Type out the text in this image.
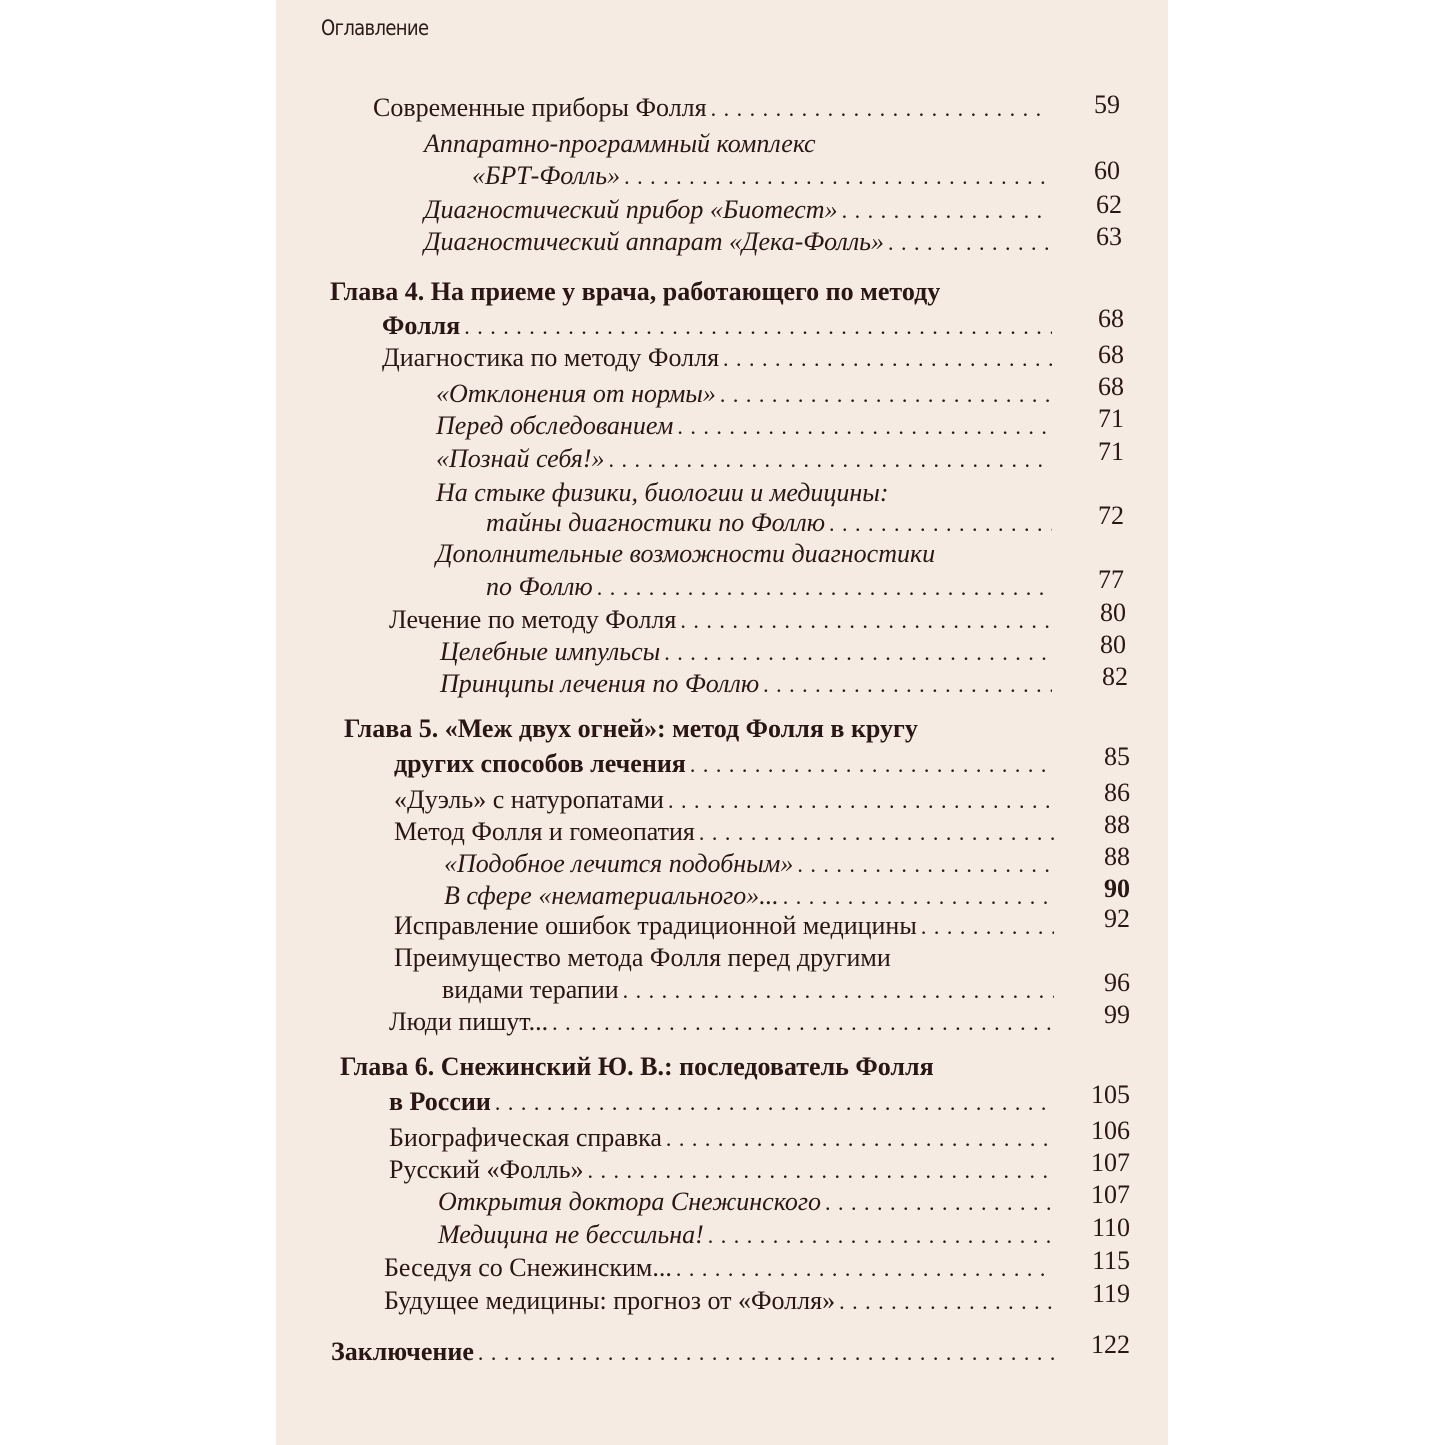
Оглавление
Современные приборы Фолля . . .	59
Аппаратно-программный комплекс
«БРТ-Фолль» . . .	60
Диагностический прибор «Биотест» . . .	62
Диагностический аппарат «Дека-Фолль» . . .	63
Глава 4. На приеме у врача, работающего по методу
Фолля . . .	68
Диагностика по методу Фолля . . .	68
«Отклонения от нормы» . . .	68
Перед обследованием . . .	71
«Познай себя!» . . .	71
На стыке физики, биологии и медицины:
тайны диагностики по Фоллю . . .	72
Дополнительные возможности диагностики
по Фоллю . . .	77
Лечение по методу Фолля . . .	80
Целебные импульсы . . .	80
Принципы лечения по Фоллю . . .	82
Глава 5. «Меж двух огней»: метод Фолля в кругу
других способов лечения . . .	85
«Дуэль» с натуропатами . . .	86
Метод Фолля и гомеопатия . . .	88
«Подобное лечится подобным» . . .	88
В сфере «нематериального»... . . .	90
Исправление ошибок традиционной медицины . . .	92
Преимущество метода Фолля перед другими
видами терапии . . .	96
Люди пишут... . . .	99
Глава 6. Снежинский Ю. В.: последователь Фолля
в России . . .	105
Биографическая справка . . .	106
Русский «Фолль» . . .	107
Открытия доктора Снежинского . . .	107
Медицина не бессильна! . . .	110
Беседуя со Снежинским... . . .	115
Будущее медицины: прогноз от «Фолля» . . .	119
Заключение . . .	122
